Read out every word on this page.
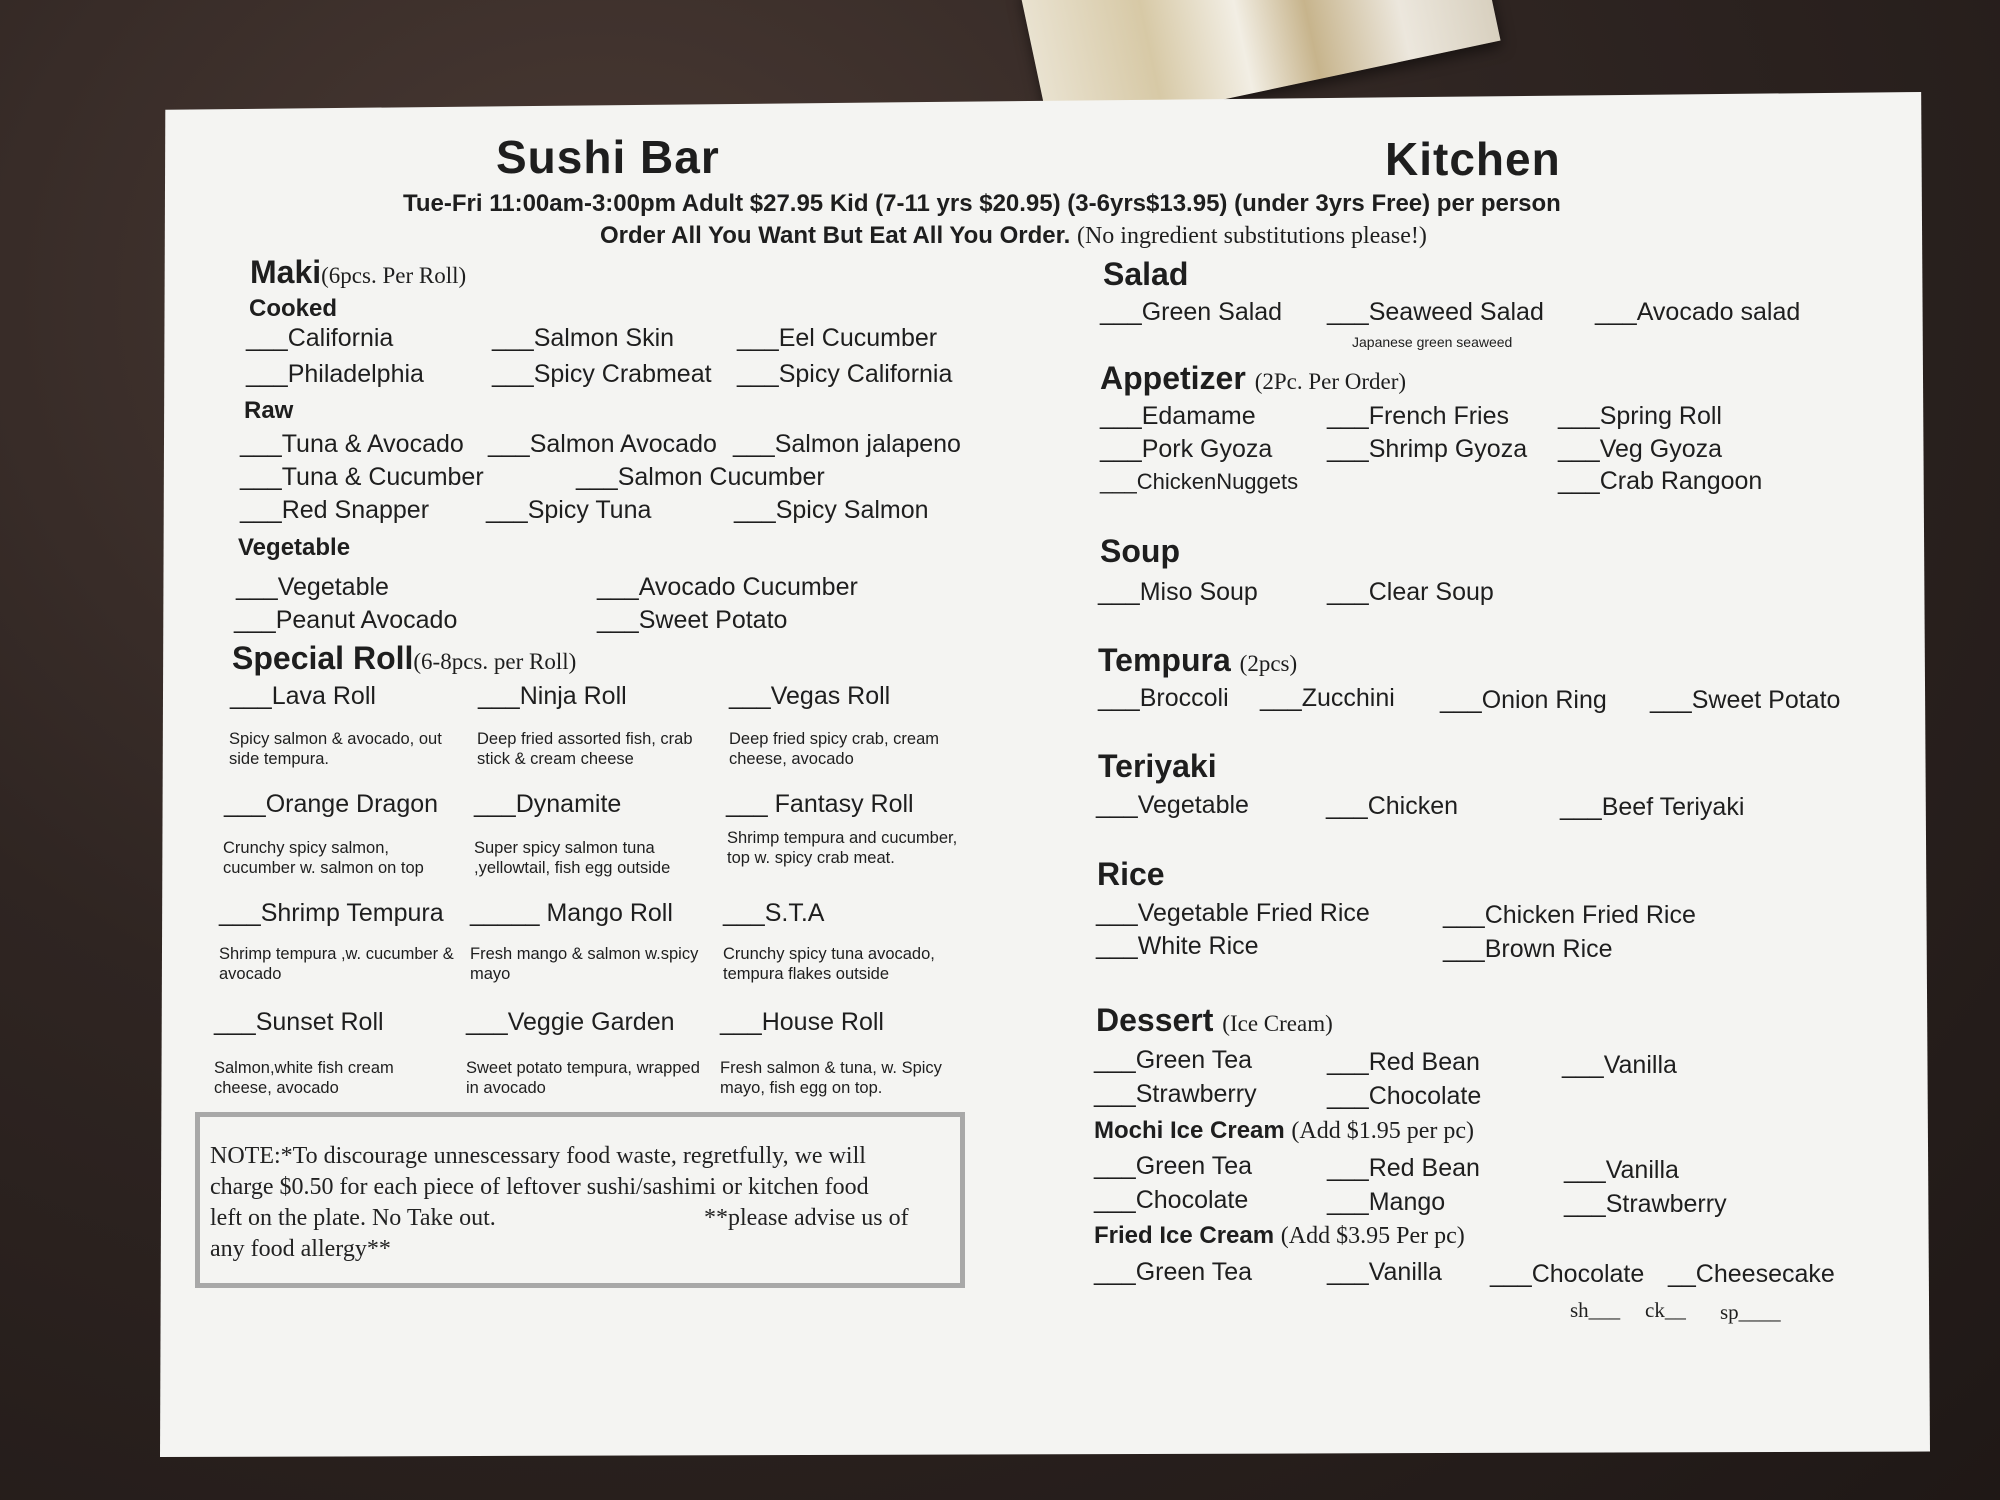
Sushi Bar	Kitchen
Tue-Fri 11:00am-3:00pm Adult $27.95 Kid (7-11 yrs $20.95) (3-6yrs$13.95) (under 3yrs Free) per person
Order All You Want But Eat All You Order. (No ingredient substitutions please!)
Maki(6pcs. Per Roll)
Cooked
___California	___Salmon Skin	___Eel Cucumber
___Philadelphia	___Spicy Crabmeat ___Spicy California
Raw
___Tuna & Avocado ___Salmon Avocado ___Salmon jalapeno
___Tuna & Cucumber	___Salmon Cucumber
___Red Snapper ___Spicy Tuna	___Spicy Salmon
Vegetable
___Vegetable	___Avocado Cucumber
___Peanut Avocado	___Sweet Potato
Special Roll(6-8pcs. per Roll)
___Lava Roll	___Ninja Roll	___Vegas Roll
Spicy salmon & avocado, out side tempura.
Deep fried assorted fish, crab stick & cream cheese
Deep fried spicy crab, cream cheese, avocado
___Orange Dragon ___Dynamite	___ Fantasy Roll
Crunchy spicy salmon, cucumber w. salmon on top
Super spicy salmon tuna ,yellowtail, fish egg outside
Shrimp tempura and cucumber, top w. spicy crab meat.
___Shrimp Tempura _____ Mango Roll ___S.T.A
Shrimp tempura ,w. cucumber & avocado
Fresh mango & salmon w.spicy mayo
Crunchy spicy tuna avocado, tempura flakes outside
___Sunset Roll	___Veggie Garden ___House Roll
Salmon,white fish cream cheese, avocado
Sweet potato tempura, wrapped in avocado
Fresh salmon & tuna, w. Spicy mayo, fish egg on top.
NOTE:*To discourage unnescessary food waste, regretfully, we will
charge $0.50 for each piece of leftover sushi/sashimi or kitchen food
left on the plate. No Take out.	**please advise us of
any food allergy**
Salad
___Green Salad ___Seaweed Salad ___Avocado salad
Japanese green seaweed
Appetizer (2Pc. Per Order)
___Edamame	___French Fries ___Spring Roll
___Pork Gyoza ___Shrimp Gyoza ___Veg Gyoza
___ChickenNuggets	___Crab Rangoon
Soup
___Miso Soup	___Clear Soup
Tempura (2pcs)
___Broccoli ___Zucchini ___Onion Ring ___Sweet Potato
Teriyaki
___Vegetable	___Chicken	___Beef Teriyaki
Rice
___Vegetable Fried Rice	___Chicken Fried Rice
___White Rice	___Brown Rice
Dessert (Ice Cream)
___Green Tea	___Red Bean	___Vanilla
___Strawberry	___Chocolate
Mochi Ice Cream (Add $1.95 per pc)
___Green Tea	___Red Bean	___Vanilla
___Chocolate	___Mango	___Strawberry
Fried Ice Cream (Add $3.95 Per pc)
___Green Tea	___Vanilla ___Chocolate __Cheesecake
sh___ ck__ sp____
